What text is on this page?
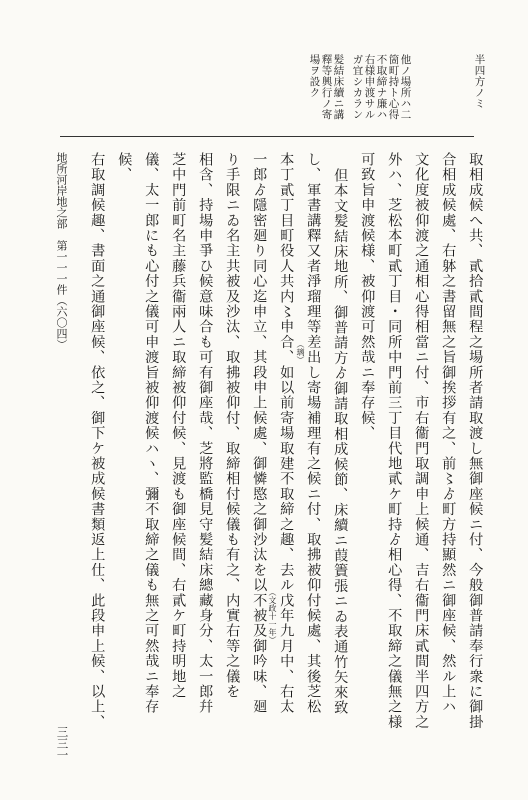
半四方ノミ
他ノ場所ハ二
箇町持ト心得
不取締ナ廉ハ
右様申渡サル
ガ宜シカラン
髪結床續ニ講
釋等興行ノ寄
場ヲ設ク
取相成候へ共、貳拾貳間程之場所者請取渡し無御座候ニ付、今般御普請奉行衆に御掛
合相成候處、右躰之書留無之旨御挨拶有之、前〻ゟ町方持顯然ニ御座候、然ル上ハ
文化度被仰渡之通相心得相當ニ付、市右衞門取調申上候通、吉右衞門床貳間半四方之
外ハ、芝松本町貳丁目・同所中門前三丁目代地貳ケ町持ゟ相心得、不取締之儀無之様
可致旨申渡候様、被仰渡可然哉ニ奉存候、
但本文髪結床地所、御普請方ゟ御請取相成候節、床續ニ葭簀張ニゐ表通竹矢來致
し、軍書講釋又者淨瑠理等差出し寄場補理有之候ニ付、取拂被仰付候處、其後芝松
本丁貳丁目町役人共内〻申合、如以前寄場取建不取締之趣、去ル戊年九月中、右太
一郎ゟ隱密廻り同心迄申立、其段申上候處、御憐愍之御沙汰を以不被及御吟味、廻
り手限ニゐ名主共被及沙汰、取拂被仰付、取締相付候儀も有之、内實右等之儀を
相含、持場申爭ひ候意味合も可有御座哉、芝將監橋見守髪結床總藏身分、太一郎幷
芝中門前町名主藤兵衞兩人ニ取締被仰付候、見渡も御座候間、右貳ケ町持明地之
儀、太一郎にも心付之儀可申渡旨被仰渡候ハヽ、彌不取締之儀も無之可然哉ニ奉存
候、
右取調候趣、書面之通御座候、依之、御下ケ被成候書類返上仕、此段申上候、以上、	（璃）
（文政十一年）
地所河岸地之部　第一一一件（六〇四）
三三一
